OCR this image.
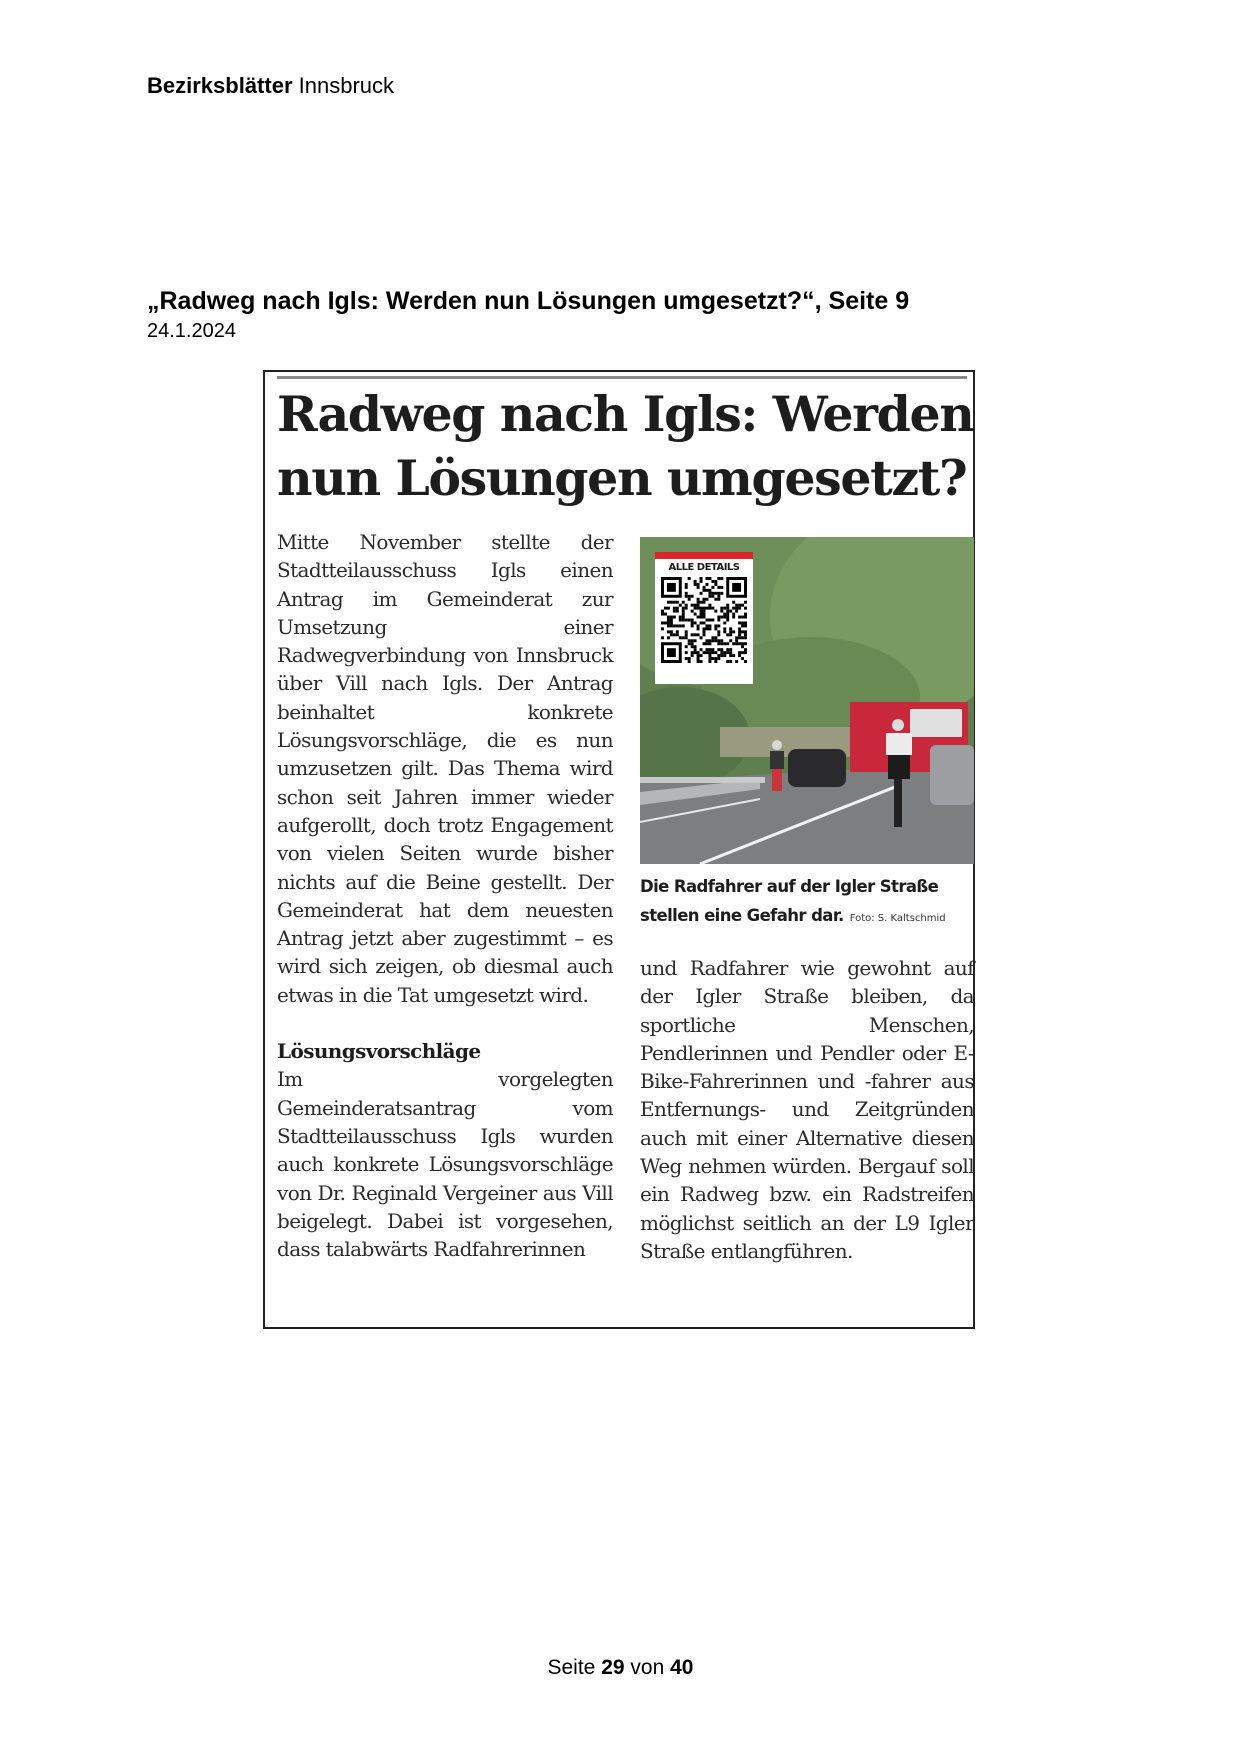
Bezirksblätter Innsbruck
„Radweg nach Igls: Werden nun Lösungen umgesetzt?“, Seite 9
24.1.2024
Radweg nach Igls: Werden nun Lösungen umgesetzt?

Mitte November stellte der Stadtteilausschuss Igls einen Antrag im Gemeinderat zur Umsetzung einer Radwegverbindung von Innsbruck über Vill nach Igls. Der Antrag beinhaltet konkrete Lösungsvorschläge, die es nun umzusetzen gilt. Das Thema wird schon seit Jahren immer wieder aufgerollt, doch trotz Engagement von vielen Seiten wurde bisher nichts auf die Beine gestellt. Der Gemeinderat hat dem neuesten Antrag jetzt aber zugestimmt – es wird sich zeigen, ob diesmal auch etwas in die Tat umgesetzt wird.

Lösungsvorschläge

Im vorgelegten Gemeinderatsantrag vom Stadtteilausschuss Igls wurden auch konkrete Lösungsvorschläge von Dr. Reginald Vergeiner aus Vill beigelegt. Dabei ist vorgesehen, dass talabwärts Radfahrerinnen

ALLE DETAILS
Die Radfahrer auf der Igler Straße stellen eine Gefahr dar. Foto: S. Kaltschmid

und Radfahrer wie gewohnt auf der Igler Straße bleiben, da sportliche Menschen, Pendlerinnen und Pendler oder E-Bike-Fahrerinnen und -fahrer aus Entfernungs- und Zeitgründen auch mit einer Alternative diesen Weg nehmen würden. Bergauf soll ein Radweg bzw. ein Radstreifen möglichst seitlich an der L9 Igler Straße entlangführen.

Seite 29 von 40
